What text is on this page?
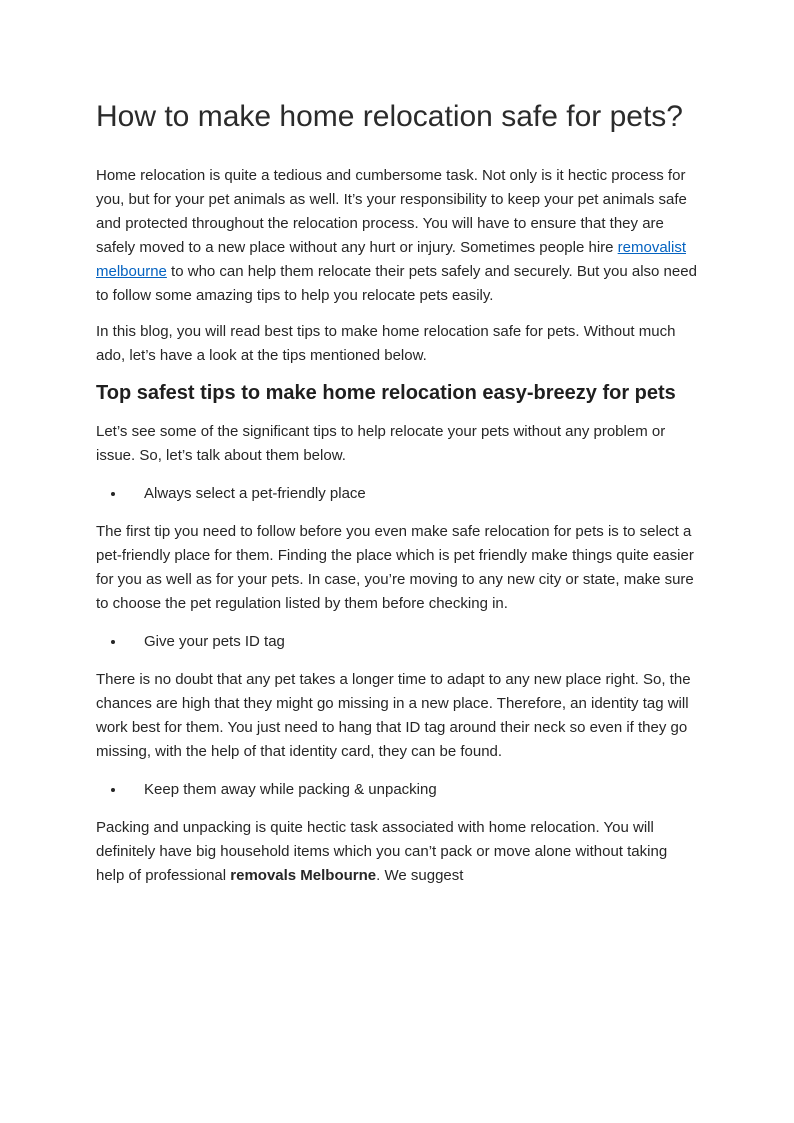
How to make home relocation safe for pets?

Home relocation is quite a tedious and cumbersome task. Not only is it hectic process for you, but for your pet animals as well. It’s your responsibility to keep your pet animals safe and protected throughout the relocation process. You will have to ensure that they are safely moved to a new place without any hurt or injury. Sometimes people hire removalist melbourne to who can help them relocate their pets safely and securely. But you also need to follow some amazing tips to help you relocate pets easily.

In this blog, you will read best tips to make home relocation safe for pets. Without much ado, let’s have a look at the tips mentioned below.

Top safest tips to make home relocation easy-breezy for pets

Let’s see some of the significant tips to help relocate your pets without any problem or issue. So, let’s talk about them below.

• Always select a pet-friendly place

The first tip you need to follow before you even make safe relocation for pets is to select a pet-friendly place for them. Finding the place which is pet friendly make things quite easier for you as well as for your pets. In case, you’re moving to any new city or state, make sure to choose the pet regulation listed by them before checking in.

• Give your pets ID tag

There is no doubt that any pet takes a longer time to adapt to any new place right. So, the chances are high that they might go missing in a new place. Therefore, an identity tag will work best for them. You just need to hang that ID tag around their neck so even if they go missing, with the help of that identity card, they can be found.

• Keep them away while packing & unpacking

Packing and unpacking is quite hectic task associated with home relocation. You will definitely have big household items which you can’t pack or move alone without taking help of professional removals Melbourne. We suggest
